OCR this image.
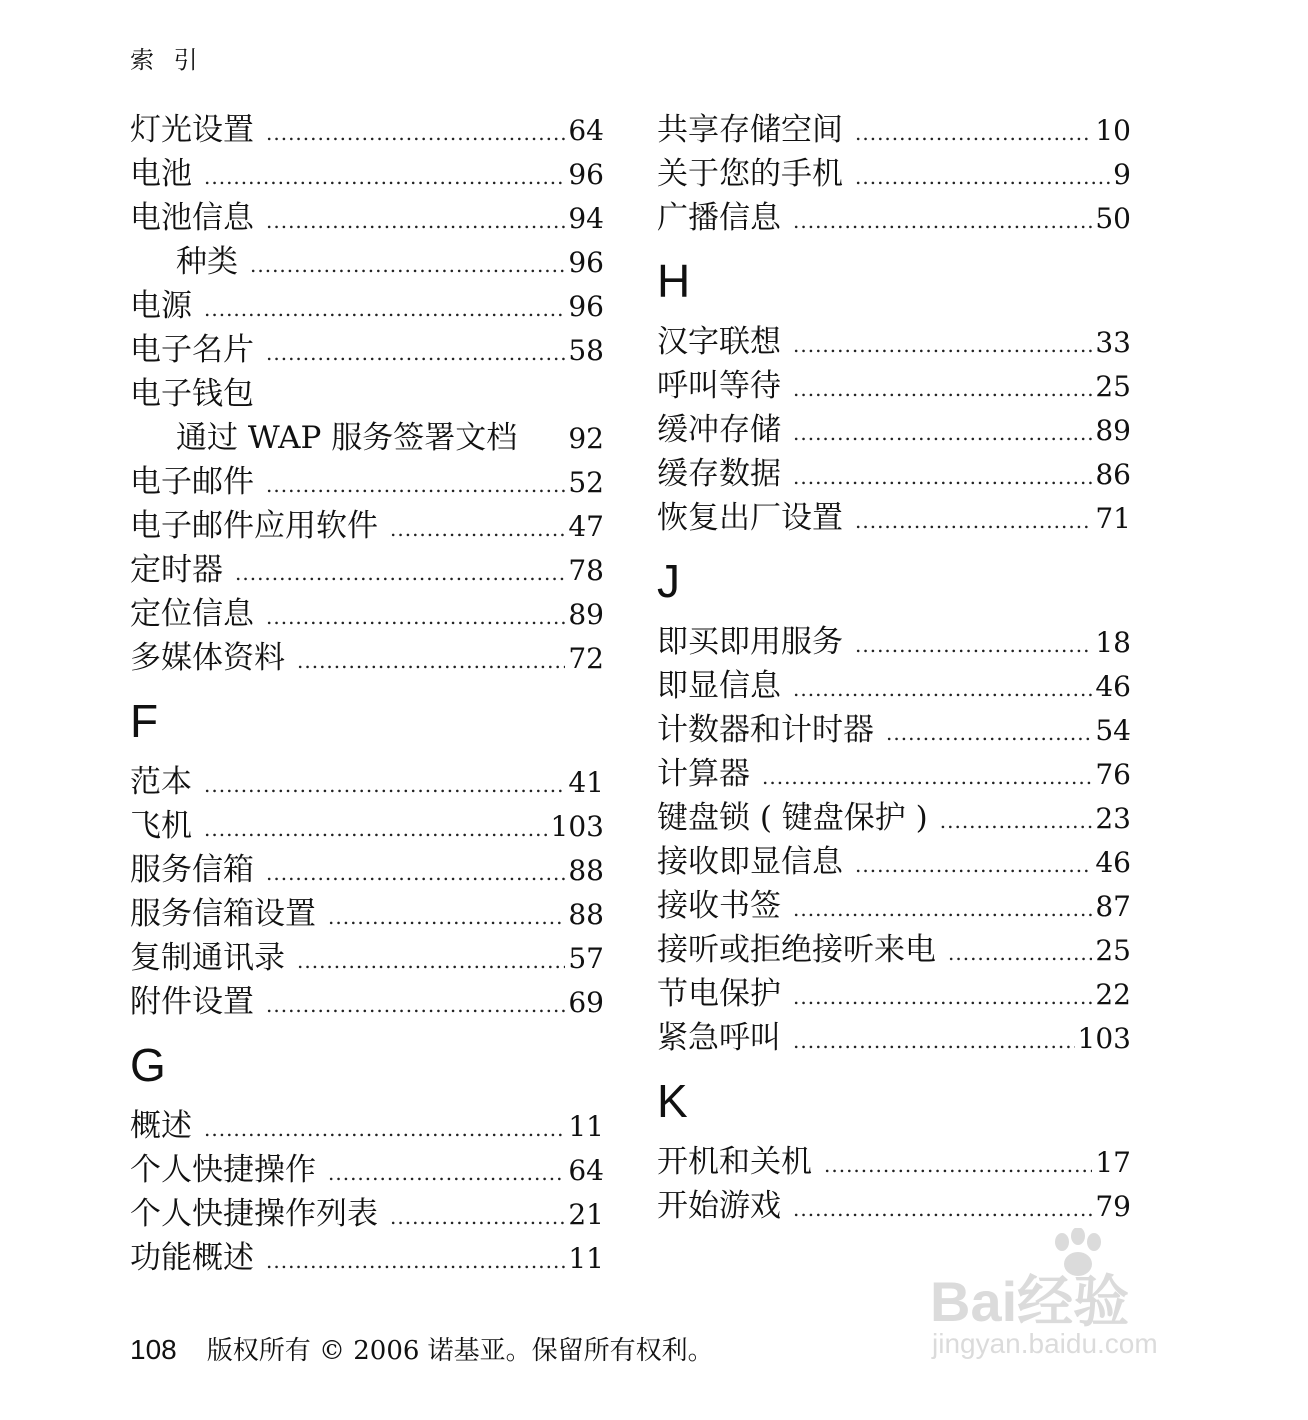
索 引
灯光设置 .....	64
电池 .....	96
电池信息 .....	94
种类 .....	96
电源 .....	96
电子名片 .....	58
电子钱包
通过 WAP 服务签署文档 92
电子邮件 .....	52
电子邮件应用软件 .....	47
定时器 .....	78
定位信息 .....	89
多媒体资料 .....	72
F
范本 .....	41
飞机 .....	103
服务信箱 .....	88
服务信箱设置 .....	88
复制通讯录 .....	57
附件设置 .....	69
G
概述 .....	11
个人快捷操作 .....	64
个人快捷操作列表 .....	21
功能概述 .....	11
共享存储空间 .....	10
关于您的手机 .....	9
广播信息 .....	50
H
汉字联想 .....	33
呼叫等待 .....	25
缓冲存储 .....	89
缓存数据 .....	86
恢复出厂设置 .....	71
J
即买即用服务 .....	18
即显信息 .....	46
计数器和计时器 .....	54
计算器 .....	76
键盘锁 ( 键盘保护 ) .....	23
接收即显信息 .....	46
接收书签 .....	87
接听或拒绝接听来电 .....	25
节电保护 .....	22
紧急呼叫 .....	103
K
开机和关机 .....	17
开始游戏 .....	79
108 版权所有 © 2006 诺基亚。保留所有权利。
Bai经验
jingyan.baidu.com
